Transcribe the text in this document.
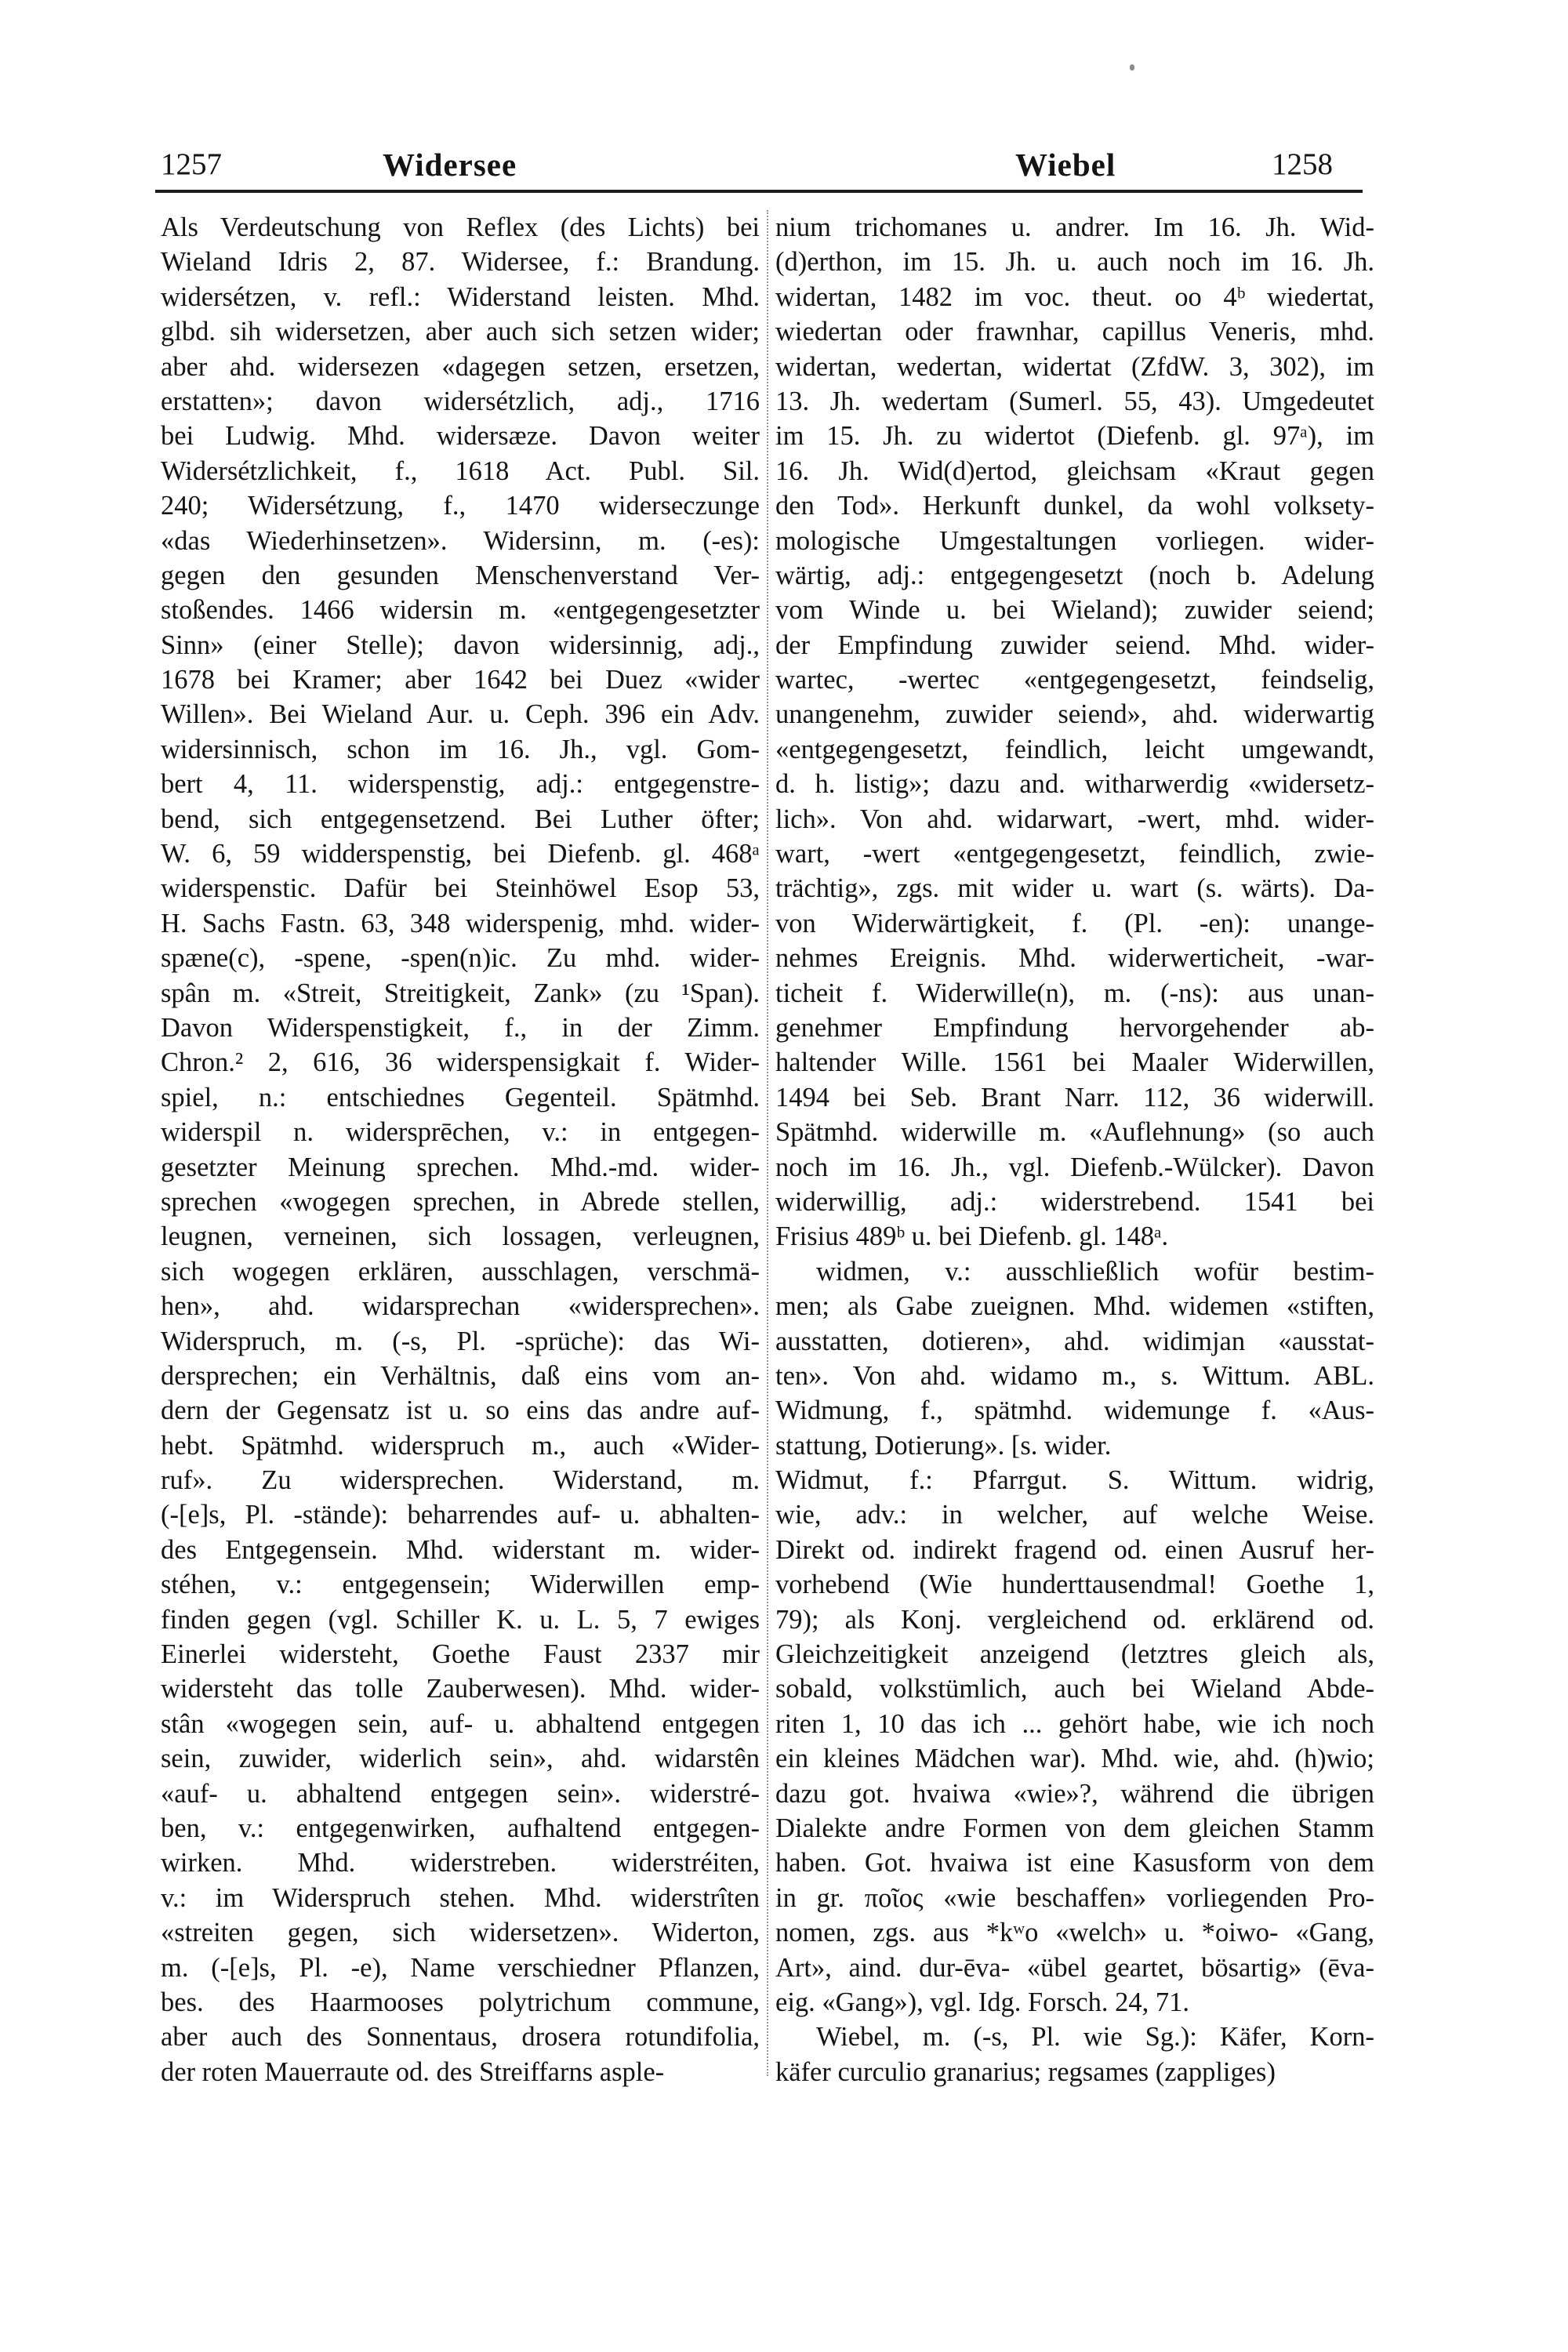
1257	Widersee	Wiebel	1258
Als Verdeutschung von Reflex (des Lichts) bei
Wieland Idris 2, 87. Widersee, f.: Brandung.
widersétzen, v. refl.: Widerstand leisten. Mhd.
glbd. sih widersetzen, aber auch sich setzen wider;
aber ahd. widersezen «dagegen setzen, ersetzen,
erstatten»; davon widersétzlich, adj., 1716
bei Ludwig. Mhd. widersæze. Davon weiter
Widersétzlichkeit, f., 1618 Act. Publ. Sil.
240; Widersétzung, f., 1470 widerseczunge
«das Wiederhinsetzen». Widersinn, m. (-es):
gegen den gesunden Menschenverstand Ver-
stoßendes. 1466 widersin m. «entgegengesetzter
Sinn» (einer Stelle); davon widersinnig, adj.,
1678 bei Kramer; aber 1642 bei Duez «wider
Willen». Bei Wieland Aur. u. Ceph. 396 ein Adv.
widersinnisch, schon im 16. Jh., vgl. Gom-
bert 4, 11. widerspenstig, adj.: entgegenstre-
bend, sich entgegensetzend. Bei Luther öfter;
W. 6, 59 widderspenstig, bei Diefenb. gl. 468ᵃ
widerspenstic. Dafür bei Steinhöwel Esop 53,
H. Sachs Fastn. 63, 348 widerspenig, mhd. wider-
spæne(c), -spene, -spen(n)ic. Zu mhd. wider-
spân m. «Streit, Streitigkeit, Zank» (zu ¹Span).
Davon Widerspenstigkeit, f., in der Zimm.
Chron.² 2, 616, 36 widerspensigkait f. Wider-
spiel, n.: entschiednes Gegenteil. Spätmhd.
widerspil n. widersprēchen, v.: in entgegen-
gesetzter Meinung sprechen. Mhd.-md. wider-
sprechen «wogegen sprechen, in Abrede stellen,
leugnen, verneinen, sich lossagen, verleugnen,
sich wogegen erklären, ausschlagen, verschmä-
hen», ahd. widarsprechan «widersprechen».
Widerspruch, m. (-s, Pl. -sprüche): das Wi-
dersprechen; ein Verhältnis, daß eins vom an-
dern der Gegensatz ist u. so eins das andre auf-
hebt. Spätmhd. widerspruch m., auch «Wider-
ruf». Zu widersprechen. Widerstand, m.
(-[e]s, Pl. -stände): beharrendes auf- u. abhalten-
des Entgegensein. Mhd. widerstant m. wider-
stéhen, v.: entgegensein; Widerwillen emp-
finden gegen (vgl. Schiller K. u. L. 5, 7 ewiges
Einerlei widersteht, Goethe Faust 2337 mir
widersteht das tolle Zauberwesen). Mhd. wider-
stân «wogegen sein, auf- u. abhaltend entgegen
sein, zuwider, widerlich sein», ahd. widarstên
«auf- u. abhaltend entgegen sein». widerstré-
ben, v.: entgegenwirken, aufhaltend entgegen-
wirken. Mhd. widerstreben. widerstréiten,
v.: im Widerspruch stehen. Mhd. widerstrîten
«streiten gegen, sich widersetzen». Widerton,
m. (-[e]s, Pl. -e), Name verschiedner Pflanzen,
bes. des Haarmooses polytrichum commune,
aber auch des Sonnentaus, drosera rotundifolia,
der roten Mauerraute od. des Streiffarns asple-
nium trichomanes u. andrer. Im 16. Jh. Wid-
(d)erthon, im 15. Jh. u. auch noch im 16. Jh.
widertan, 1482 im voc. theut. oo 4ᵇ wiedertat,
wiedertan oder frawnhar, capillus Veneris, mhd.
widertan, wedertan, widertat (ZfdW. 3, 302), im
13. Jh. wedertam (Sumerl. 55, 43). Umgedeutet
im 15. Jh. zu widertot (Diefenb. gl. 97ᵃ), im
16. Jh. Wid(d)ertod, gleichsam «Kraut gegen
den Tod». Herkunft dunkel, da wohl volksety-
mologische Umgestaltungen vorliegen. wider-
wärtig, adj.: entgegengesetzt (noch b. Adelung
vom Winde u. bei Wieland); zuwider seiend;
der Empfindung zuwider seiend. Mhd. wider-
wartec, -wertec «entgegengesetzt, feindselig,
unangenehm, zuwider seiend», ahd. widerwartig
«entgegengesetzt, feindlich, leicht umgewandt,
d. h. listig»; dazu and. witharwerdig «widersetz-
lich». Von ahd. widarwart, -wert, mhd. wider-
wart, -wert «entgegengesetzt, feindlich, zwie-
trächtig», zgs. mit wider u. wart (s. wärts). Da-
von Widerwärtigkeit, f. (Pl. -en): unange-
nehmes Ereignis. Mhd. widerwerticheit, -war-
ticheit f. Widerwille(n), m. (-ns): aus unan-
genehmer Empfindung hervorgehender ab-
haltender Wille. 1561 bei Maaler Widerwillen,
1494 bei Seb. Brant Narr. 112, 36 widerwill.
Spätmhd. widerwille m. «Auflehnung» (so auch
noch im 16. Jh., vgl. Diefenb.-Wülcker). Davon
widerwillig, adj.: widerstrebend. 1541 bei
Frisius 489ᵇ u. bei Diefenb. gl. 148ᵃ.
widmen, v.: ausschließlich wofür bestim-
men; als Gabe zueignen. Mhd. widemen «stiften,
ausstatten, dotieren», ahd. widimjan «ausstat-
ten». Von ahd. widamo m., s. Wittum. ABL.
Widmung, f., spätmhd. widemunge f. «Aus-
stattung, Dotierung». [s. wider.
Widmut, f.: Pfarrgut. S. Wittum. widrig,
wie, adv.: in welcher, auf welche Weise.
Direkt od. indirekt fragend od. einen Ausruf her-
vorhebend (Wie hunderttausendmal! Goethe 1,
79); als Konj. vergleichend od. erklärend od.
Gleichzeitigkeit anzeigend (letztres gleich als,
sobald, volkstümlich, auch bei Wieland Abde-
riten 1, 10 das ich ... gehört habe, wie ich noch
ein kleines Mädchen war). Mhd. wie, ahd. (h)wio;
dazu got. hvaiwa «wie»?, während die übrigen
Dialekte andre Formen von dem gleichen Stamm
haben. Got. hvaiwa ist eine Kasusform von dem
in gr. ποῖος «wie beschaffen» vorliegenden Pro-
nomen, zgs. aus *kʷo «welch» u. *oiwo- «Gang,
Art», aind. dur-ēva- «übel geartet, bösartig» (ēva-
eig. «Gang»), vgl. Idg. Forsch. 24, 71.
Wiebel, m. (-s, Pl. wie Sg.): Käfer, Korn-
käfer curculio granarius; regsames (zappliges)
